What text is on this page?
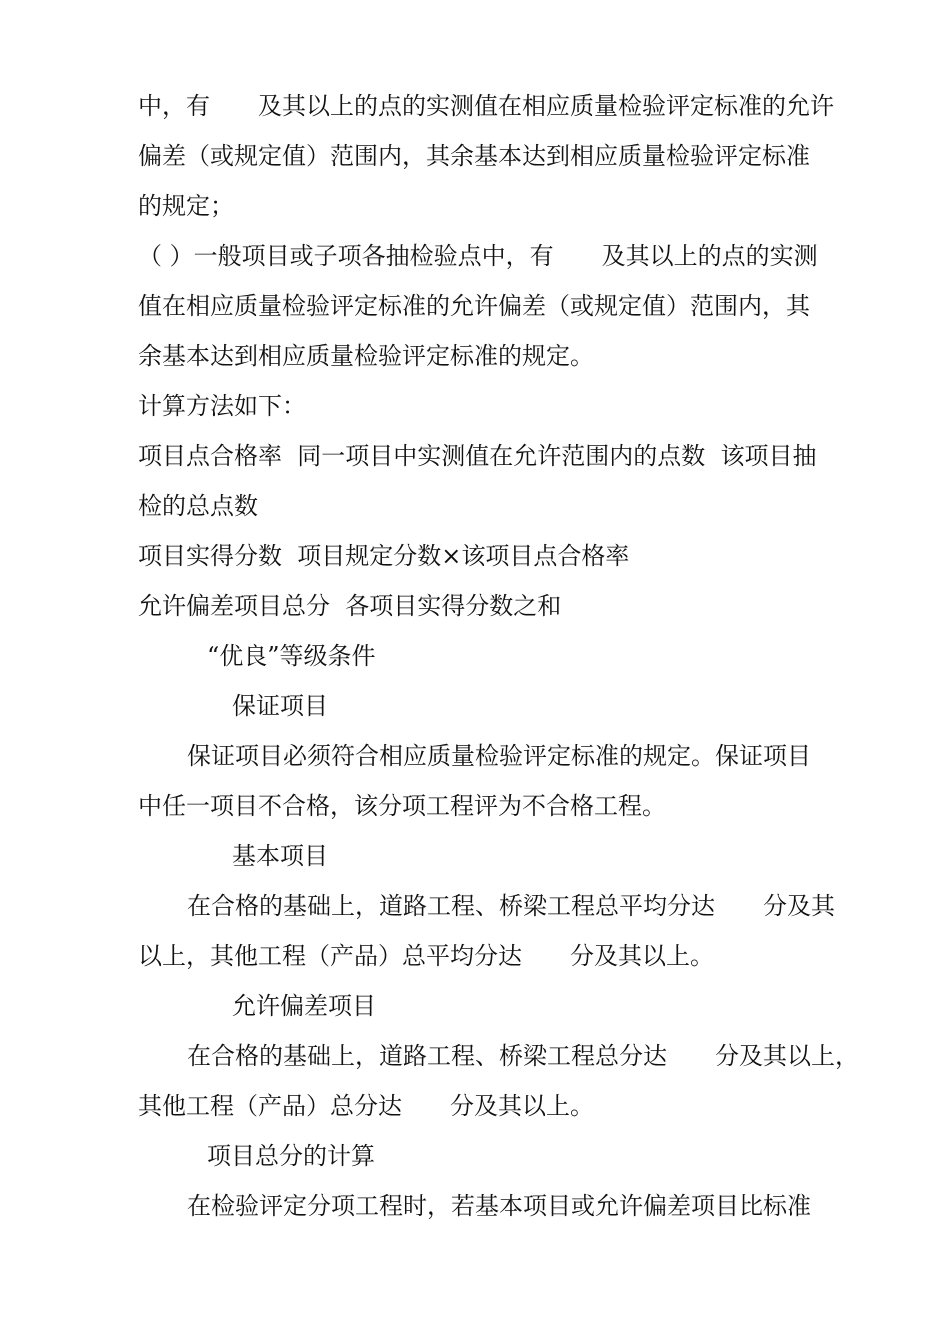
中，有　　及其以上的点的实测值在相应质量检验评定标准的允许
偏差（或规定值）范围内，其余基本达到相应质量检验评定标准
的规定；
（ ）一般项目或子项各抽检验点中，有　　及其以上的点的实测
值在相应质量检验评定标准的允许偏差（或规定值）范围内，其
余基本达到相应质量检验评定标准的规定。
计算方法如下：
项目点合格率  同一项目中实测值在允许范围内的点数  该项目抽
检的总点数
项目实得分数  项目规定分数×该项目点合格率
允许偏差项目总分  各项目实得分数之和
“优良”等级条件
保证项目
保证项目必须符合相应质量检验评定标准的规定。保证项目
中任一项目不合格，该分项工程评为不合格工程。
基本项目
在合格的基础上，道路工程、桥梁工程总平均分达　　分及其
以上，其他工程（产品）总平均分达　　分及其以上。
允许偏差项目
在合格的基础上，道路工程、桥梁工程总分达　　分及其以上，
其他工程（产品）总分达　　分及其以上。
项目总分的计算
在检验评定分项工程时，若基本项目或允许偏差项目比标准
